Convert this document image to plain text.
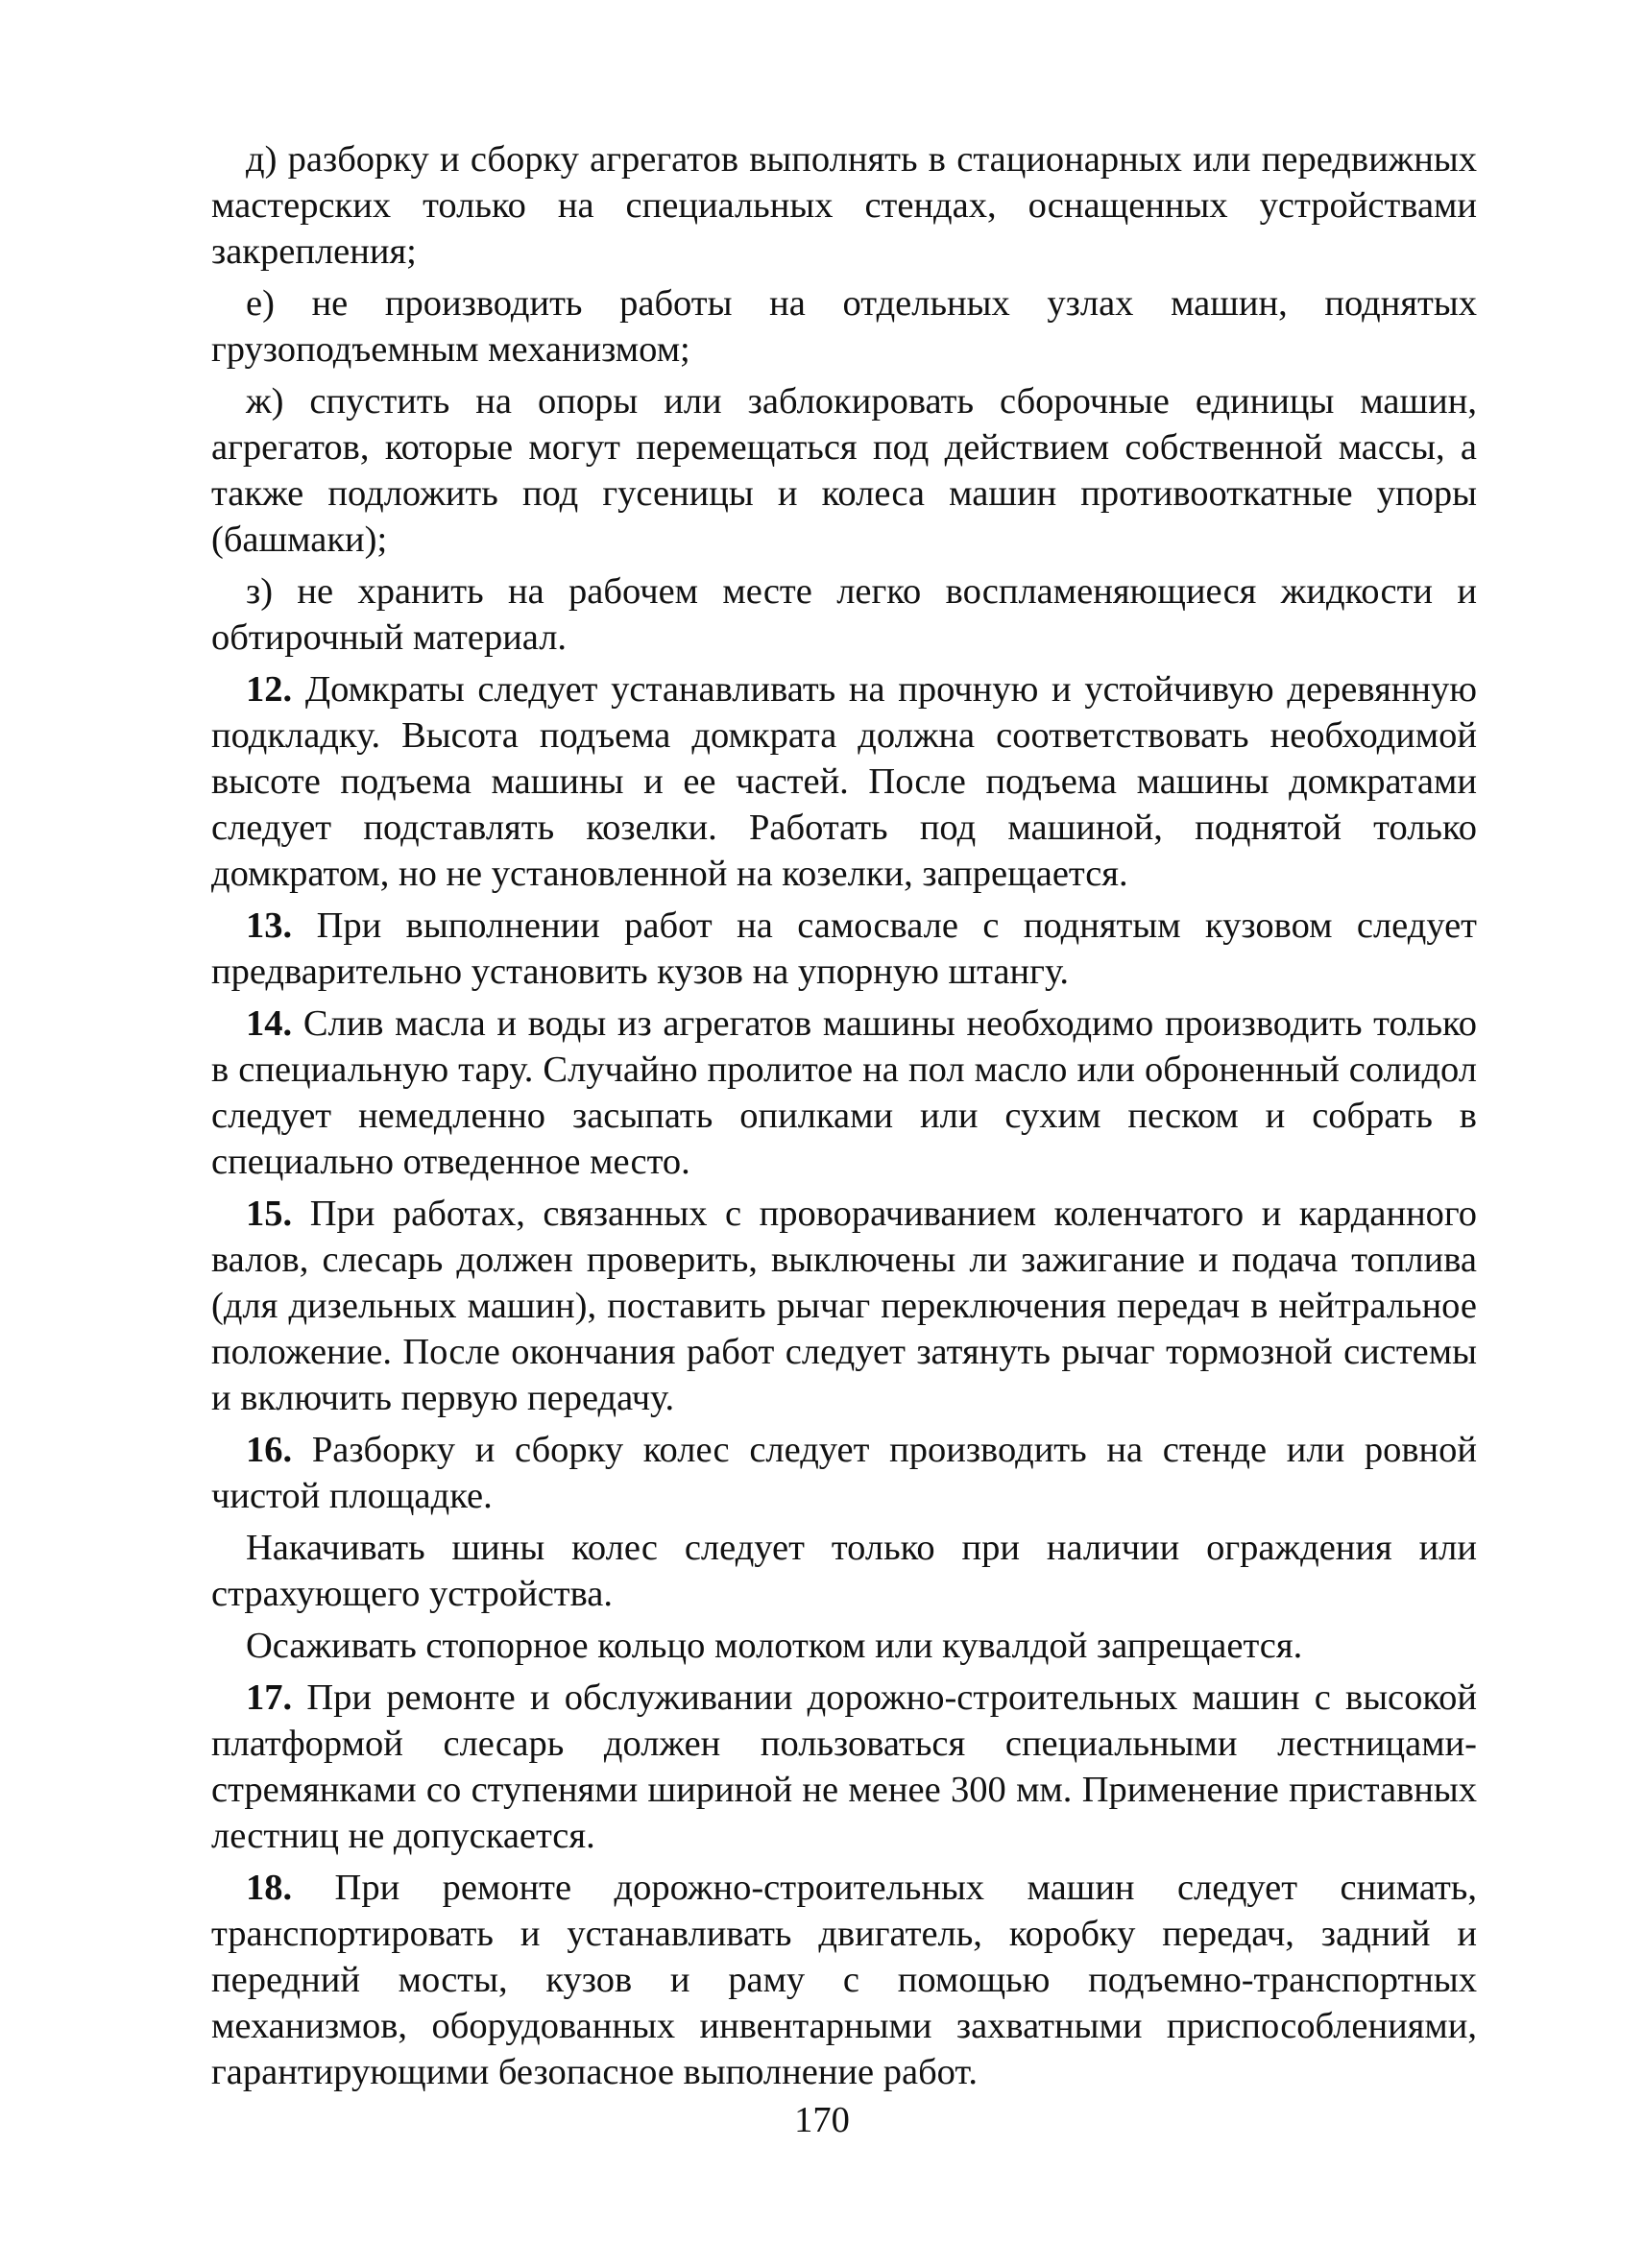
д) разборку и сборку агрегатов выполнять в стационарных или передвижных мастерских только на специальных стендах, оснащенных устройствами закрепления;

е) не производить работы на отдельных узлах машин, поднятых грузоподъемным механизмом;

ж) спустить на опоры или заблокировать сборочные единицы машин, агрегатов, которые могут перемещаться под действием собственной массы, а также подложить под гусеницы и колеса машин противооткатные упоры (башмаки);

з) не хранить на рабочем месте легко воспламеняющиеся жидкости и обтирочный материал.

12. Домкраты следует устанавливать на прочную и устойчивую деревянную подкладку. Высота подъема домкрата должна соответствовать необходимой высоте подъема машины и ее частей. После подъема машины домкратами следует подставлять козелки. Работать под машиной, поднятой только домкратом, но не установленной на козелки, запрещается.

13. При выполнении работ на самосвале с поднятым кузовом следует предварительно установить кузов на упорную штангу.

14. Слив масла и воды из агрегатов машины необходимо производить только в специальную тару. Случайно пролитое на пол масло или оброненный солидол следует немедленно засыпать опилками или сухим песком и собрать в специально отведенное место.

15. При работах, связанных с проворачиванием коленчатого и карданного валов, слесарь должен проверить, выключены ли зажигание и подача топлива (для дизельных машин), поставить рычаг переключения передач в нейтральное положение. После окончания работ следует затянуть рычаг тормозной системы и включить первую передачу.

16. Разборку и сборку колес следует производить на стенде или ровной чистой площадке.

Накачивать шины колес следует только при наличии ограждения или страхующего устройства.

Осаживать стопорное кольцо молотком или кувалдой запрещается.

17. При ремонте и обслуживании дорожно-строительных машин с высокой платформой слесарь должен пользоваться специальными лестницами-стремянками со ступенями шириной не менее 300 мм. Применение приставных лестниц не допускается.

18. При ремонте дорожно-строительных машин следует снимать, транспортировать и устанавливать двигатель, коробку передач, задний и передний мосты, кузов и раму с помощью подъемно-транспортных механизмов, оборудованных инвентарными захватными приспособлениями, гарантирующими безопасное выполнение работ.

170
